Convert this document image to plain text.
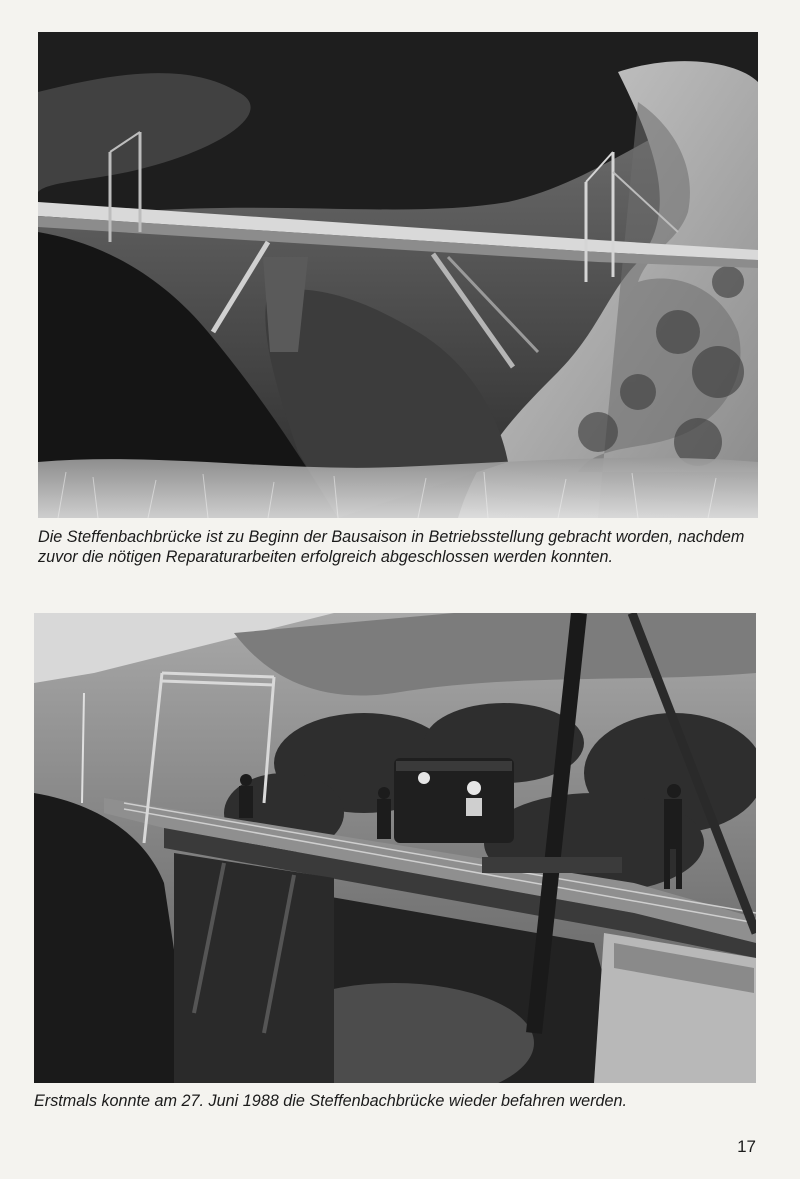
Die Steffenbachbrücke ist zu Beginn der Bausaison in Betriebsstellung gebracht worden, nachdem zuvor die nötigen Reparaturarbeiten erfolgreich abgeschlossen werden konnten.

Erstmals konnte am 27. Juni 1988 die Steffenbachbrücke wieder befahren werden.

17
